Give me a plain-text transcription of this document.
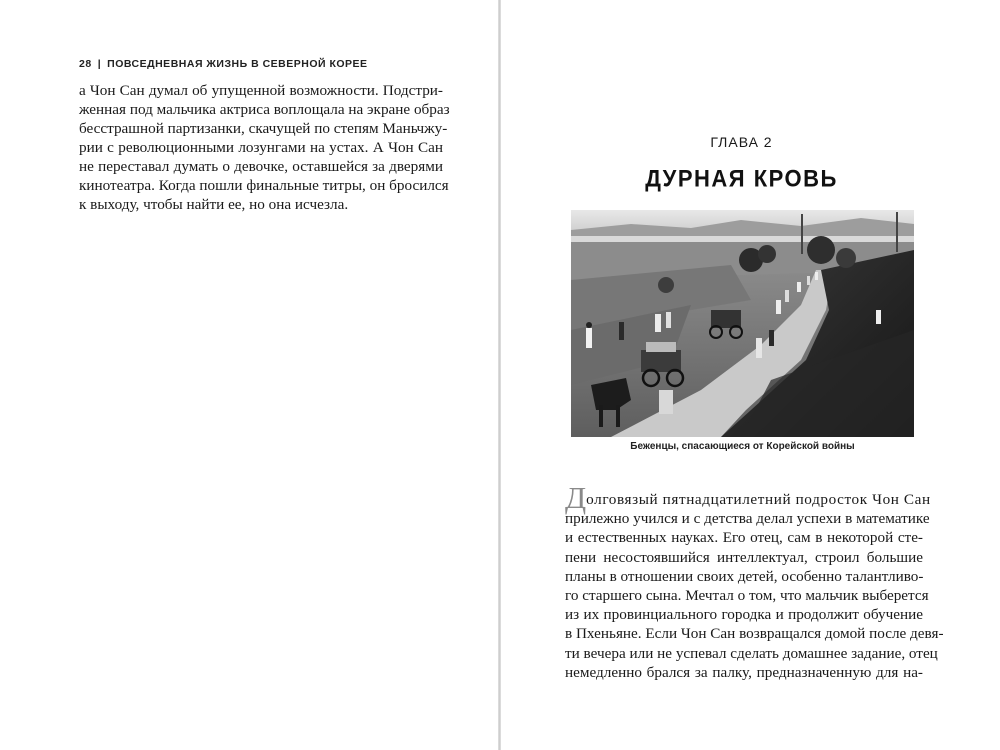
28 | ПОВСЕДНЕВНАЯ ЖИЗНЬ В СЕВЕРНОЙ КОРЕЕ
а Чон Сан думал об упущенной возможности. Подстри-
женная под мальчика актриса воплощала на экране образ
бесстрашной партизанки, скачущей по степям Маньчжу-
рии с революционными лозунгами на устах. А Чон Сан
не переставал думать о девочке, оставшейся за дверями
кинотеатра. Когда пошли финальные титры, он бросился
к выходу, чтобы найти ее, но она исчезла.
ГЛАВА 2
ДУРНАЯ КРОВЬ
Беженцы, спасающиеся от Корейской войны
Долговязый пятнадцатилетний подросток Чон Сан
прилежно учился и с детства делал успехи в математике
и естественных науках. Его отец, сам в некоторой сте-
пени несостоявшийся интеллектуал, строил большие
планы в отношении своих детей, особенно талантливо-
го старшего сына. Мечтал о том, что мальчик выберется
из их провинциального городка и продолжит обучение
в Пхеньяне. Если Чон Сан возвращался домой после девя-
ти вечера или не успевал сделать домашнее задание, отец
немедленно брался за палку, предназначенную для на-
